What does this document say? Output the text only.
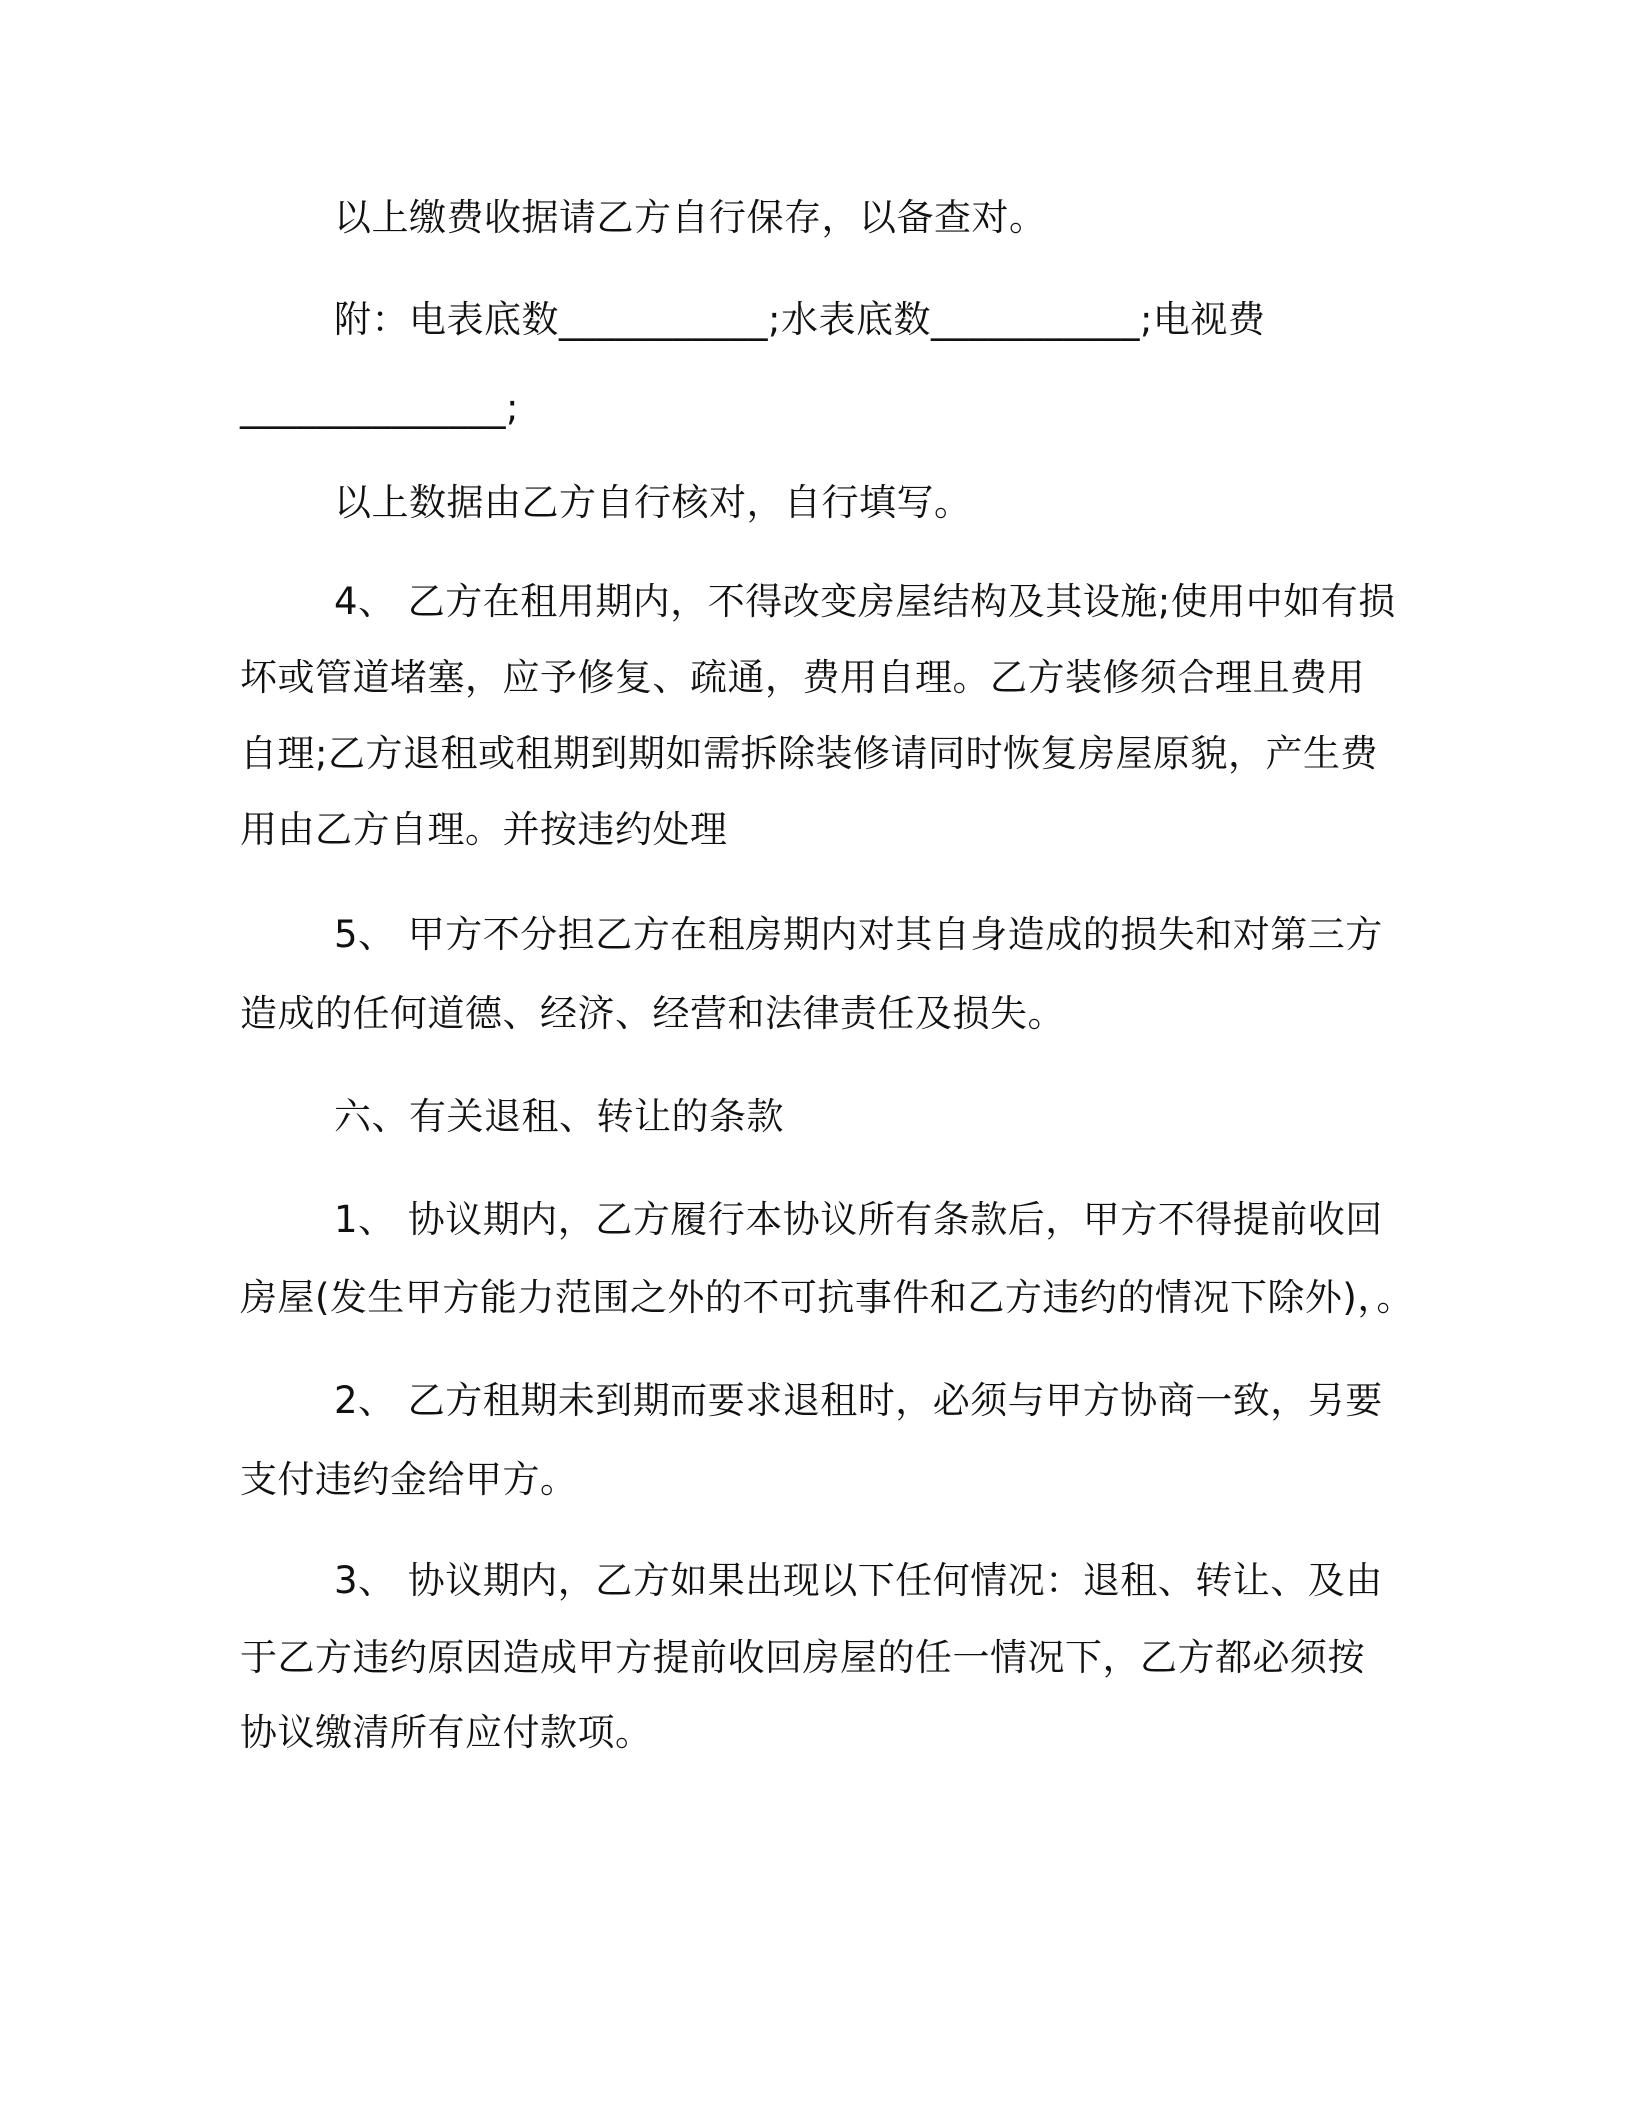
以上缴费收据请乙方自行保存，以备查对。
附：电表底数___________;水表底数___________;电视费
______________;
以上数据由乙方自行核对，自行填写。
4、 乙方在租用期内，不得改变房屋结构及其设施;使用中如有损
坏或管道堵塞，应予修复、疏通，费用自理。乙方装修须合理且费用
自理;乙方退租或租期到期如需拆除装修请同时恢复房屋原貌，产生费
用由乙方自理。并按违约处理
5、 甲方不分担乙方在租房期内对其自身造成的损失和对第三方
造成的任何道德、经济、经营和法律责任及损失。
六、有关退租、转让的条款
1、 协议期内，乙方履行本协议所有条款后，甲方不得提前收回
房屋(发生甲方能力范围之外的不可抗事件和乙方违约的情况下除外)，。
2、 乙方租期未到期而要求退租时，必须与甲方协商一致，另要
支付违约金给甲方。
3、 协议期内，乙方如果出现以下任何情况：退租、转让、及由
于乙方违约原因造成甲方提前收回房屋的任一情况下，乙方都必须按
协议缴清所有应付款项。
